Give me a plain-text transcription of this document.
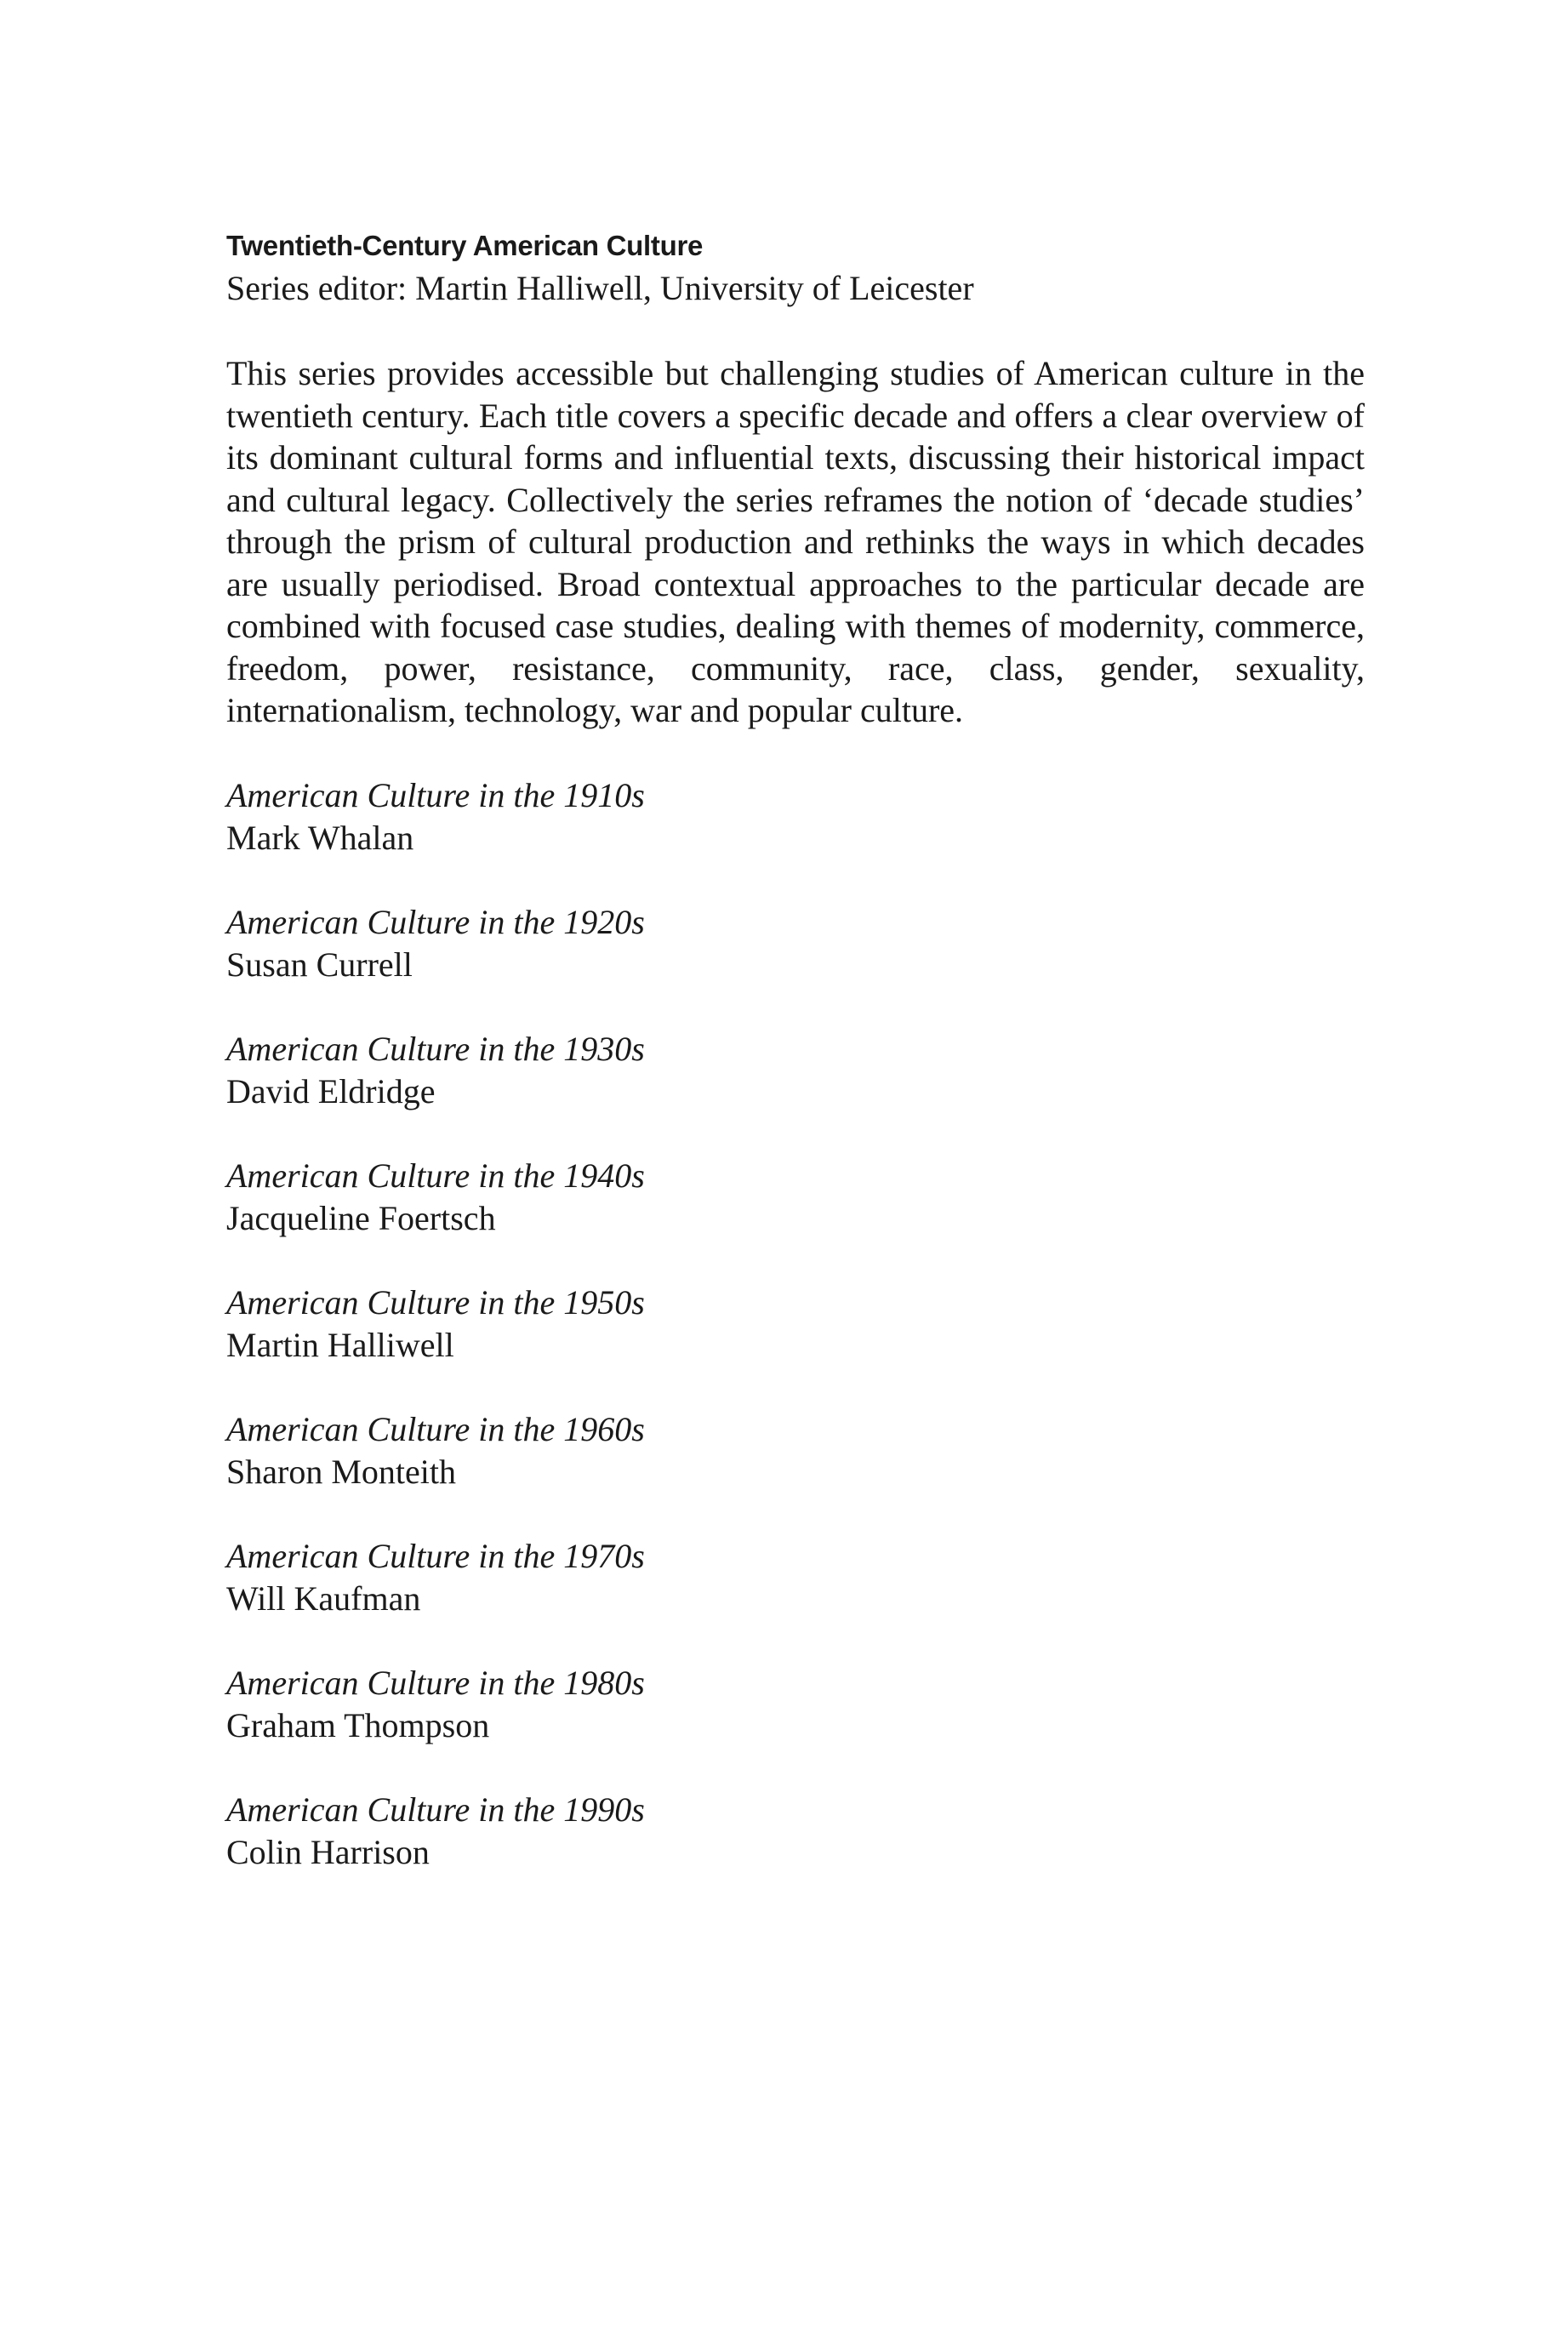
Twentieth-Century American Culture

Series editor: Martin Halliwell, University of Leicester

This series provides accessible but challenging studies of American culture in the twentieth century. Each title covers a specific decade and offers a clear overview of its dominant cultural forms and influential texts, discussing their historical impact and cultural legacy. Collectively the series reframes the notion of ‘decade studies’ through the prism of cultural production and rethinks the ways in which decades are usually periodised. Broad contextual approaches to the particular decade are combined with focused case studies, dealing with themes of modernity, commerce, freedom, power, resistance, community, race, class, gender, sexuality, internationalism, technology, war and popular culture.

American Culture in the 1910s
Mark Whalan
American Culture in the 1920s
Susan Currell
American Culture in the 1930s
David Eldridge
American Culture in the 1940s
Jacqueline Foertsch
American Culture in the 1950s
Martin Halliwell
American Culture in the 1960s
Sharon Monteith
American Culture in the 1970s
Will Kaufman
American Culture in the 1980s
Graham Thompson
American Culture in the 1990s
Colin Harrison
